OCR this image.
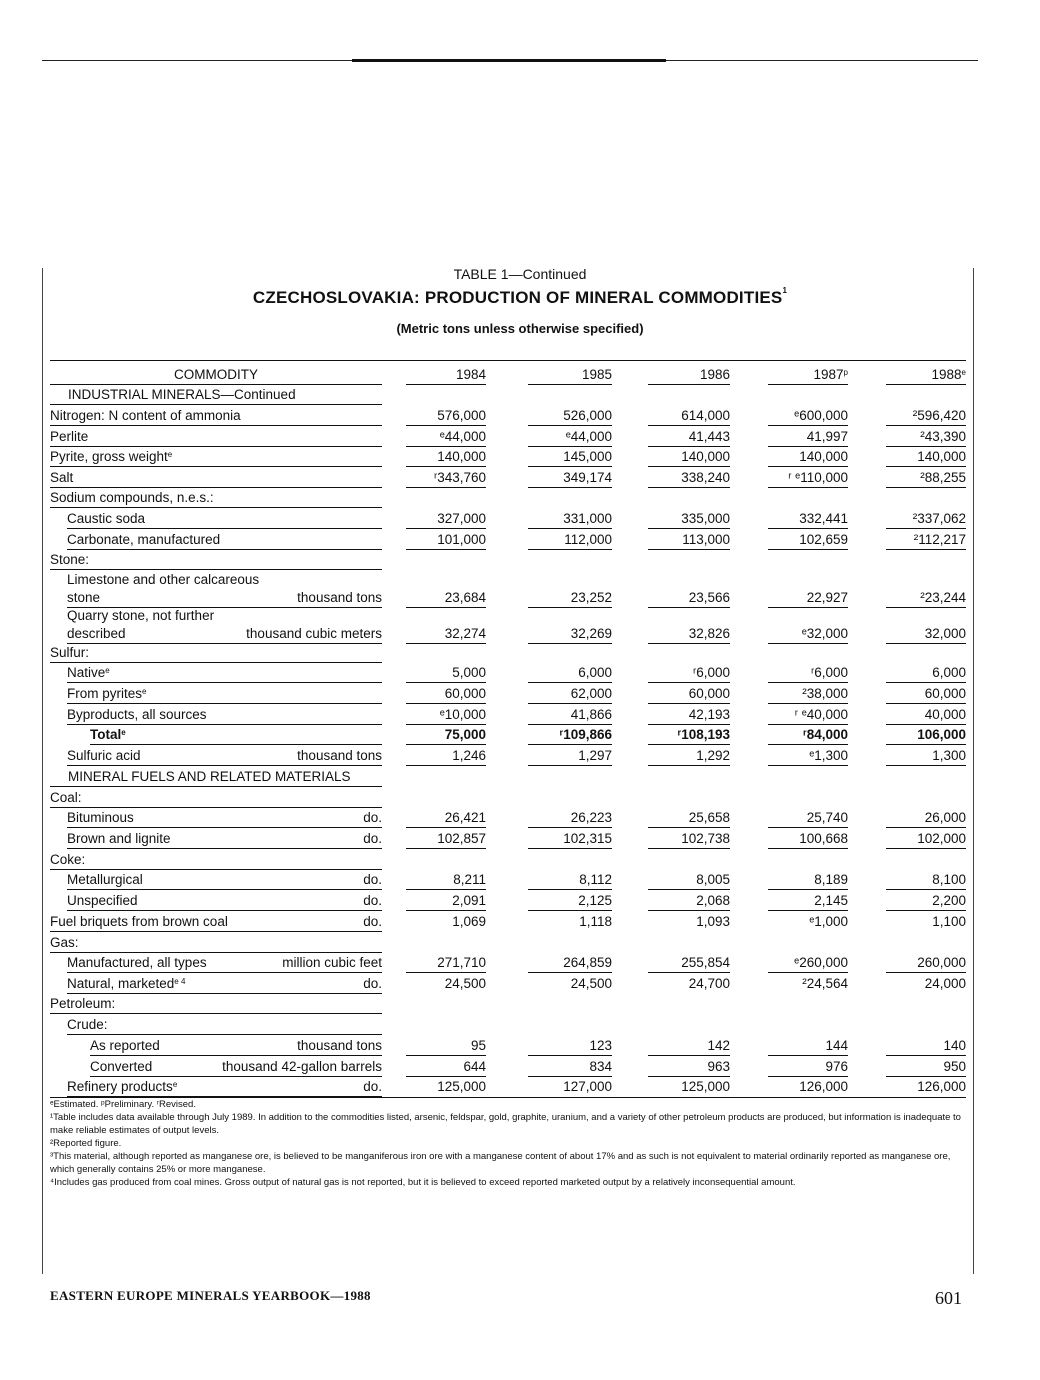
TABLE 1—Continued
CZECHOSLOVAKIA: PRODUCTION OF MINERAL COMMODITIES$^1$
(Metric tons unless otherwise specified)
COMMODITY	1984	1985	1986	1987$^p$	1988e
INDUSTRIAL MINERALS—Continued
Nitrogen: N content of ammonia	576,000	526,000	614,000	ᵉ600,000	²596,420
Perlite	ᵉ44,000	ᵉ44,000	41,443	41,997	²43,390
Pyrite, gross weight$^e$	140,000	145,000	140,000	140,000	140,000
Salt	ʳ343,760	349,174	338,240	ʳ ᵉ110,000	²88,255
Sodium compounds, n.e.s.:
Caustic soda	327,000	331,000	335,000	332,441	²337,062
Carbonate, manufactured	101,000	112,000	113,000	102,659	²112,217
Stone:
Limestone and other calcareous
stone	thousand tons	23,684	23,252	23,566	22,927	²23,244
Quarry stone, not further
described	thousand cubic meters	32,274	32,269	32,826	ᵉ32,000	32,000
Sulfur:
Native$^e$	5,000	6,000	ʳ6,000	ʳ6,000	6,000
From pyrites$^e$	60,000	62,000	60,000	²38,000	60,000
Byproducts, all sources	ᵉ10,000	41,866	42,193	ʳ ᵉ40,000	40,000
Total$^e$	75,000	ʳ109,866	ʳ108,193	ʳ84,000	106,000
Sulfuric acid	thousand tons	1,246	1,297	1,292	ᵉ1,300	1,300
MINERAL FUELS AND RELATED MATERIALS
Coal:
Bituminous	do.	26,421	26,223	25,658	25,740	26,000
Brown and lignite	do.	102,857	102,315	102,738	100,668	102,000
Coke:
Metallurgical	do.	8,211	8,112	8,005	8,189	8,100
Unspecified	do.	2,091	2,125	2,068	2,145	2,200
Fuel briquets from brown coal	do.	1,069	1,118	1,093	ᵉ1,000	1,100
Gas:
Manufactured, all types	million cubic feet	271,710	264,859	255,854	ᵉ260,000	260,000
Natural, marketed$^{e 4}$	do.	24,500	24,500	24,700	²24,564	24,000
Petroleum:
Crude:
As reported	thousand tons	95	123	142	144	140
Converted	thousand 42-gallon barrels	644	834	963	976	950
Refinery products$^e$	do.	125,000	127,000	125,000	126,000	126,000
ᵉEstimated. ᵖPreliminary. ʳRevised.
¹Table includes data available through July 1989. In addition to the commodities listed, arsenic, feldspar, gold, graphite, uranium, and a variety of other petroleum products are produced, but information is inadequate to make reliable estimates of output levels.
²Reported figure.
³This material, although reported as manganese ore, is believed to be manganiferous iron ore with a manganese content of about 17% and as such is not equivalent to material ordinarily reported as manganese ore, which generally contains 25% or more manganese.
⁴Includes gas produced from coal mines. Gross output of natural gas is not reported, but it is believed to exceed reported marketed output by a relatively inconsequential amount.
EASTERN EUROPE MINERALS YEARBOOK—1988	601
